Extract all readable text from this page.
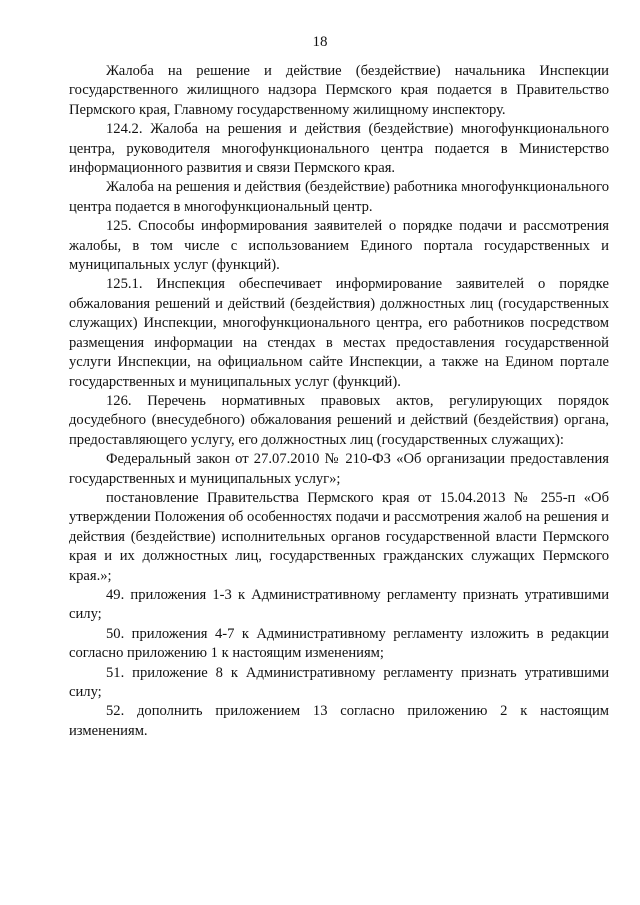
18

Жалоба на решение и действие (бездействие) начальника Инспекции государственного жилищного надзора Пермского края подается в Правительство Пермского края, Главному государственному жилищному инспектору.

124.2. Жалоба на решения и действия (бездействие) многофункционального центра, руководителя многофункционального центра подается в Министерство информационного развития и связи Пермского края.

Жалоба на решения и действия (бездействие) работника многофункционального центра подается в многофункциональный центр.

125. Способы информирования заявителей о порядке подачи и рассмотрения жалобы, в том числе с использованием Единого портала государственных и муниципальных услуг (функций).

125.1. Инспекция обеспечивает информирование заявителей о порядке обжалования решений и действий (бездействия) должностных лиц (государственных служащих) Инспекции, многофункционального центра, его работников посредством размещения информации на стендах в местах предоставления государственной услуги Инспекции, на официальном сайте Инспекции, а также на Едином портале государственных и муниципальных услуг (функций).

126. Перечень нормативных правовых актов, регулирующих порядок досудебного (внесудебного) обжалования решений и действий (бездействия) органа, предоставляющего услугу, его должностных лиц (государственных служащих):

Федеральный закон от 27.07.2010 № 210-ФЗ «Об организации предоставления государственных и муниципальных услуг»;

постановление Правительства Пермского края от 15.04.2013 № 255-п «Об утверждении Положения об особенностях подачи и рассмотрения жалоб на решения и действия (бездействие) исполнительных органов государственной власти Пермского края и их должностных лиц, государственных гражданских служащих Пермского края.»;

49. приложения 1-3 к Административному регламенту признать утратившими силу;

50. приложения 4-7 к Административному регламенту изложить в редакции согласно приложению 1 к настоящим изменениям;

51. приложение 8 к Административному регламенту признать утратившими силу;

52. дополнить приложением 13 согласно приложению 2 к настоящим изменениям.
